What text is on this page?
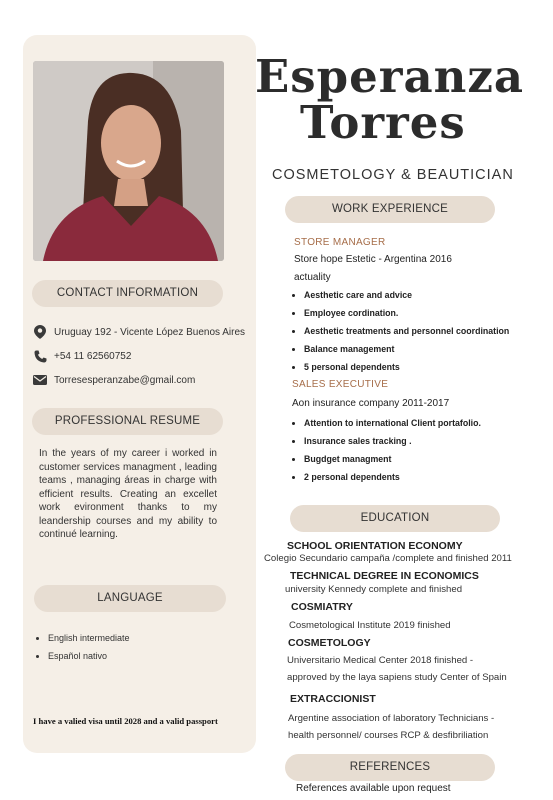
CONTACT INFORMATION
Uruguay 192 - Vicente López Buenos Aires
+54 11 62560752
Torresesperanzabe@gmail.com
PROFESSIONAL RESUME
In the years of my career i worked in customer services managment , leading teams , managing áreas in charge with efficient results. Creating an excellet work evironment thanks to my leandership courses and my ability to continué learning.
LANGUAGE
• English intermediate
• Español nativo
I have a valied visa until 2028 and a valid passport
Esperanza
Torres
COSMETOLOGY & BEAUTICIAN
WORK EXPERIENCE
STORE MANAGER
Store hope Estetic - Argentina 2016
actuality
• Aesthetic care and advice
• Employee cordination.
• Aesthetic treatments and personnel coordination
• Balance management
• 5 personal dependents
SALES EXECUTIVE
Aon insurance company 2011-2017
• Attention to international Client portafolio.
• Insurance sales tracking .
• Bugdget managment
• 2 personal dependents
EDUCATION
SCHOOL ORIENTATION ECONOMY
Colegio Secundario campaña /complete and finished 2011
TECHNICAL DEGREE IN ECONOMICS
university Kennedy complete and finished
COSMIATRY
Cosmetological Institute 2019 finished
COSMETOLOGY
Universitario Medical Center 2018 finished -
approved by the laya sapiens study Center of Spain
EXTRACCIONIST
Argentine association of laboratory Technicians -
health personnel/ courses RCP & desfibriliation
REFERENCES
References available upon request
